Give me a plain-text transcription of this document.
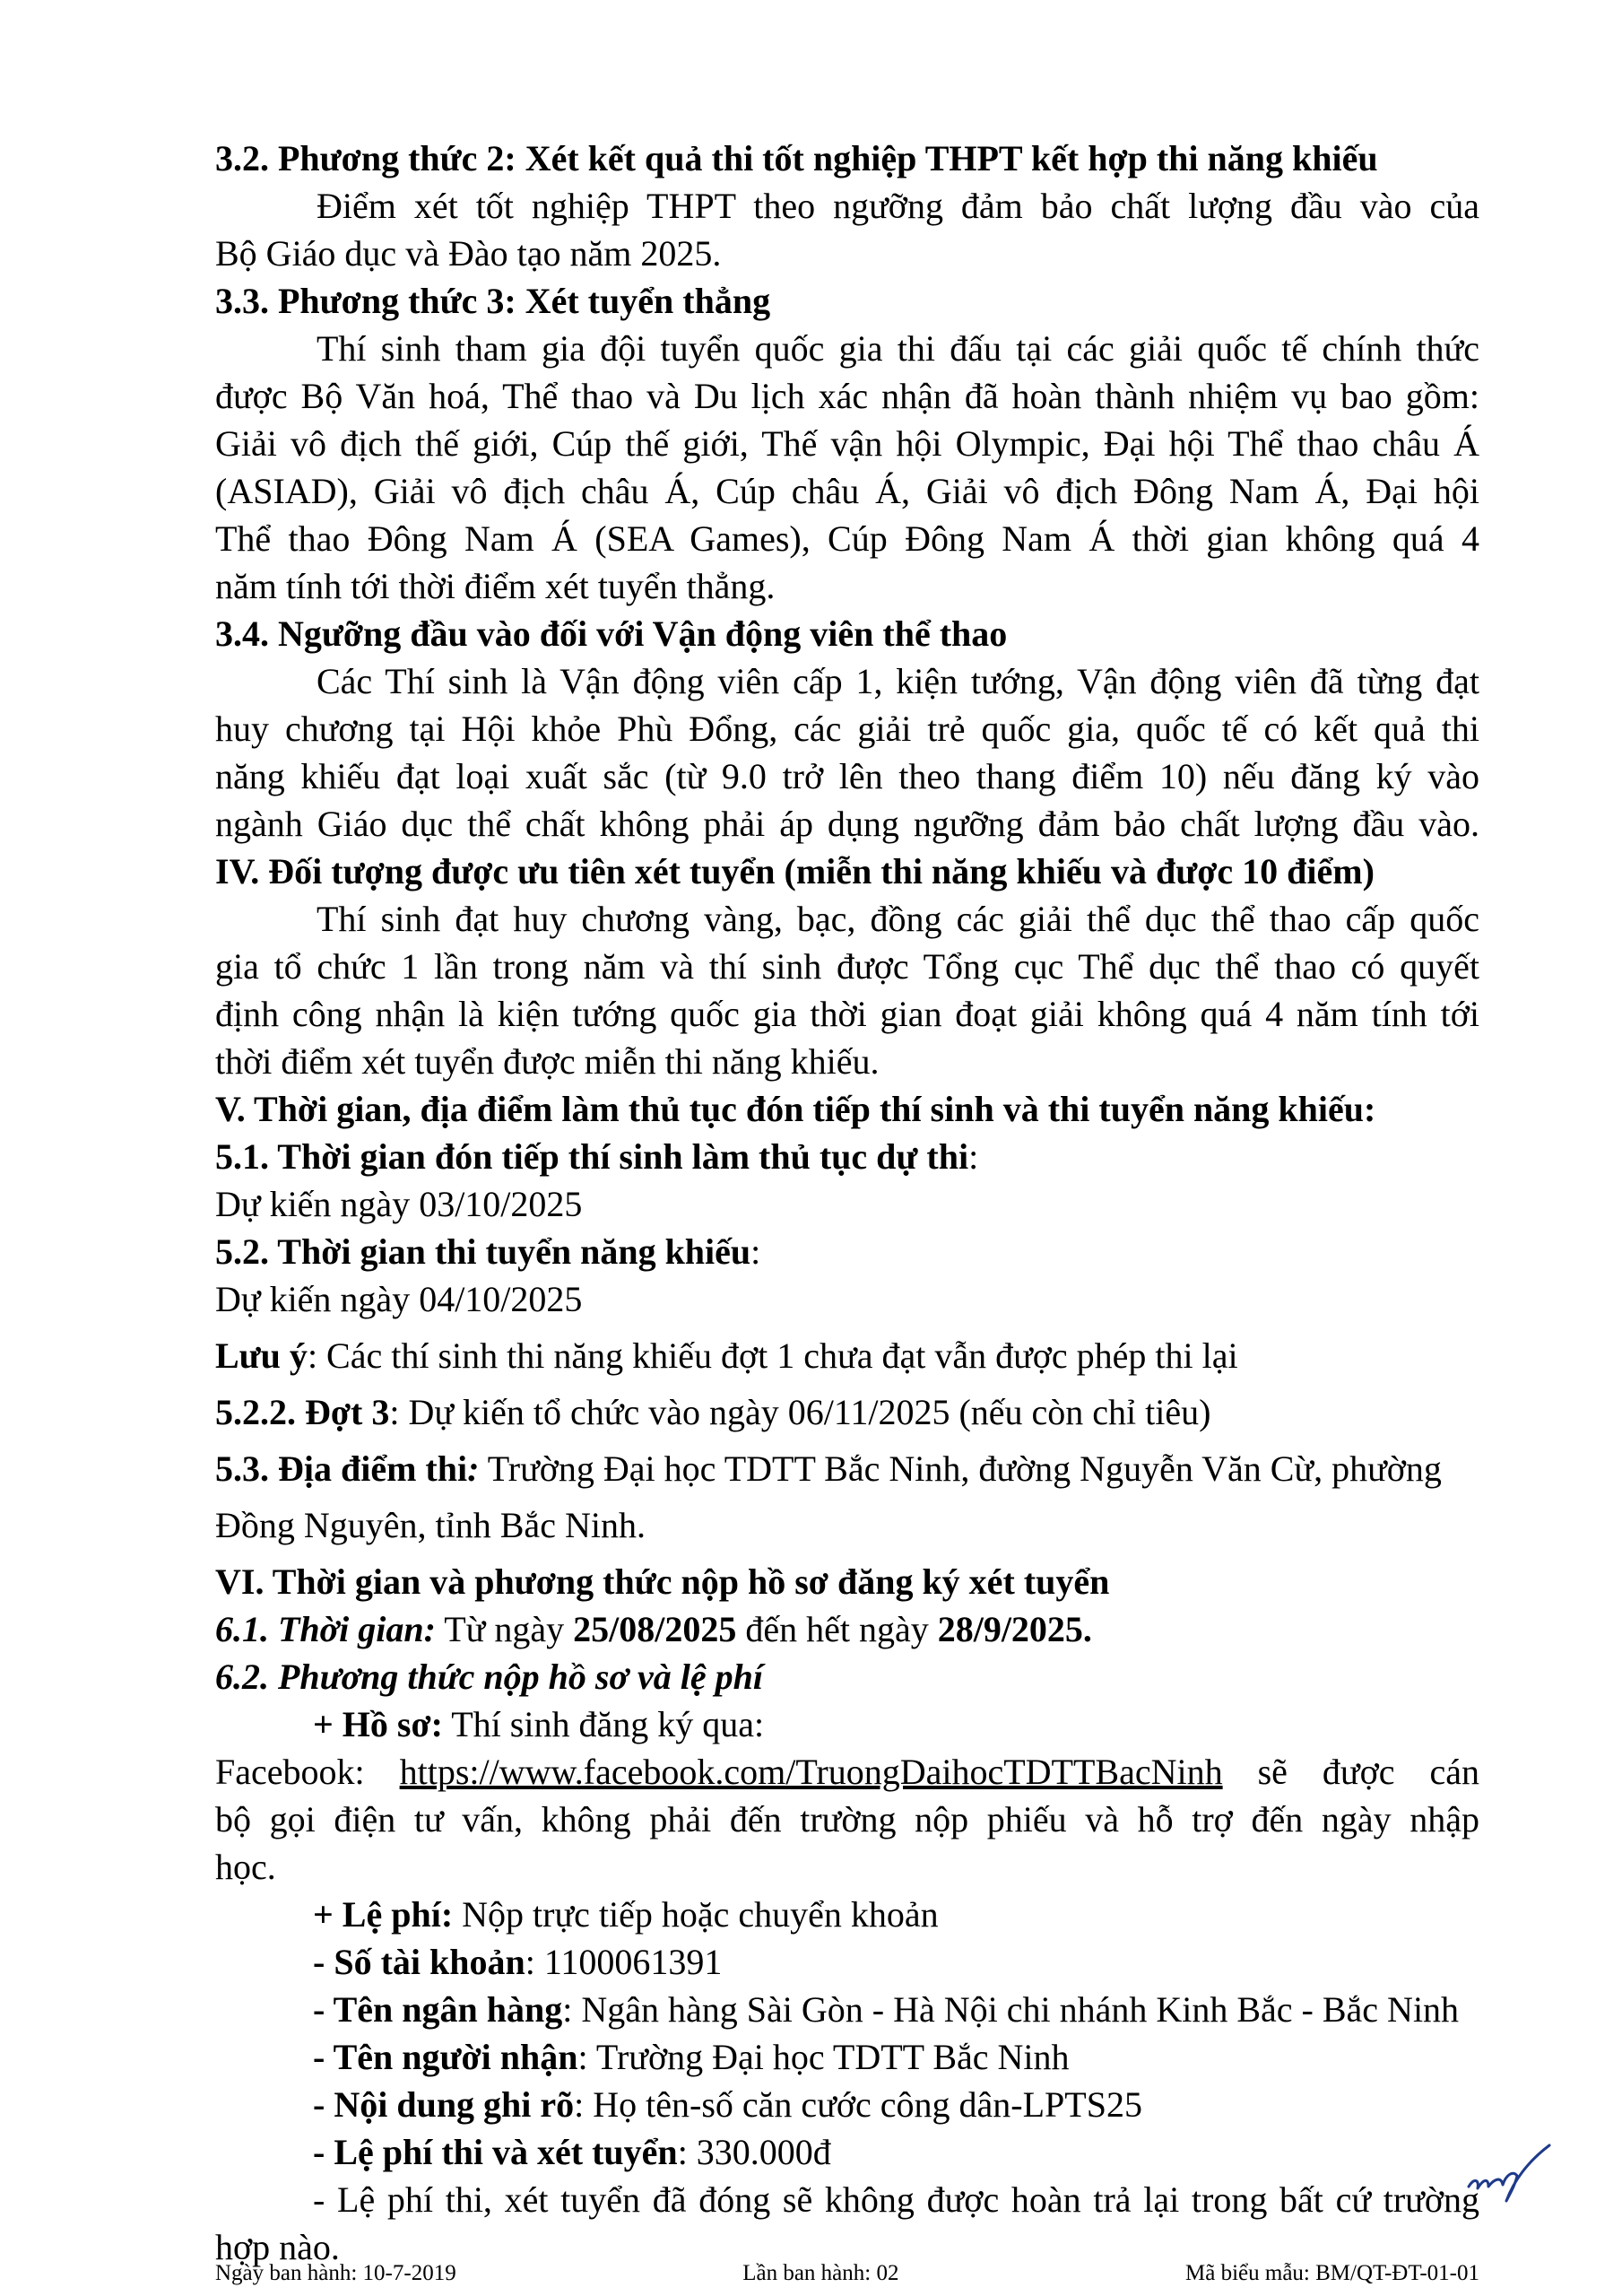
3.2. Phương thức 2: Xét kết quả thi tốt nghiệp THPT kết hợp thi năng khiếu
Điểm xét tốt nghiệp THPT theo ngưỡng đảm bảo chất lượng đầu vào của
Bộ Giáo dục và Đào tạo năm 2025.
3.3. Phương thức 3: Xét tuyển thẳng
Thí sinh tham gia đội tuyển quốc gia thi đấu tại các giải quốc tế chính thức
được Bộ Văn hoá, Thể thao và Du lịch xác nhận đã hoàn thành nhiệm vụ bao gồm:
Giải vô địch thế giới, Cúp thế giới, Thế vận hội Olympic, Đại hội Thể thao châu Á
(ASIAD), Giải vô địch châu Á, Cúp châu Á, Giải vô địch Đông Nam Á, Đại hội
Thể thao Đông Nam Á (SEA Games), Cúp Đông Nam Á thời gian không quá 4
năm tính tới thời điểm xét tuyển thẳng.
3.4. Ngưỡng đầu vào đối với Vận động viên thể thao
Các Thí sinh là Vận động viên cấp 1, kiện tướng, Vận động viên đã từng đạt
huy chương tại Hội khỏe Phù Đổng, các giải trẻ quốc gia, quốc tế có kết quả thi
năng khiếu đạt loại xuất sắc (từ 9.0 trở lên theo thang điểm 10) nếu đăng ký vào
ngành Giáo dục thể chất không phải áp dụng ngưỡng đảm bảo chất lượng đầu vào.
IV. Đối tượng được ưu tiên xét tuyển (miễn thi năng khiếu và được 10 điểm)
Thí sinh đạt huy chương vàng, bạc, đồng các giải thể dục thể thao cấp quốc
gia tổ chức 1 lần trong năm và thí sinh được Tổng cục Thể dục thể thao có quyết
định công nhận là kiện tướng quốc gia thời gian đoạt giải không quá 4 năm tính tới
thời điểm xét tuyển được miễn thi năng khiếu.
V. Thời gian, địa điểm làm thủ tục đón tiếp thí sinh và thi tuyển năng khiếu:
5.1. Thời gian đón tiếp thí sinh làm thủ tục dự thi:
Dự kiến ngày 03/10/2025
5.2. Thời gian thi tuyển năng khiếu:
Dự kiến ngày 04/10/2025
Lưu ý: Các thí sinh thi năng khiếu đợt 1 chưa đạt vẫn được phép thi lại
5.2.2. Đợt 3: Dự kiến tổ chức vào ngày 06/11/2025 (nếu còn chỉ tiêu)
5.3. Địa điểm thi: Trường Đại học TDTT Bắc Ninh, đường Nguyễn Văn Cừ, phường
Đồng Nguyên, tỉnh Bắc Ninh.
VI. Thời gian và phương thức nộp hồ sơ đăng ký xét tuyển
6.1. Thời gian: Từ ngày 25/08/2025 đến hết ngày 28/9/2025.
6.2. Phương thức nộp hồ sơ và lệ phí
+ Hồ sơ: Thí sinh đăng ký qua:
Facebook: https://www.facebook.com/TruongDaihocTDTTBacNinh sẽ được cán
bộ gọi điện tư vấn, không phải đến trường nộp phiếu và hỗ trợ đến ngày nhập
học.
+ Lệ phí: Nộp trực tiếp hoặc chuyển khoản
- Số tài khoản: 1100061391
- Tên ngân hàng: Ngân hàng Sài Gòn - Hà Nội chi nhánh Kinh Bắc - Bắc Ninh
- Tên người nhận: Trường Đại học TDTT Bắc Ninh
- Nội dung ghi rõ: Họ tên-số căn cước công dân-LPTS25
- Lệ phí thi và xét tuyển: 330.000đ
- Lệ phí thi, xét tuyển đã đóng sẽ không được hoàn trả lại trong bất cứ trường
hợp nào.
Ngày ban hành: 10-7-2019	Lần ban hành: 02	Mã biểu mẫu: BM/QT-ĐT-01-01
